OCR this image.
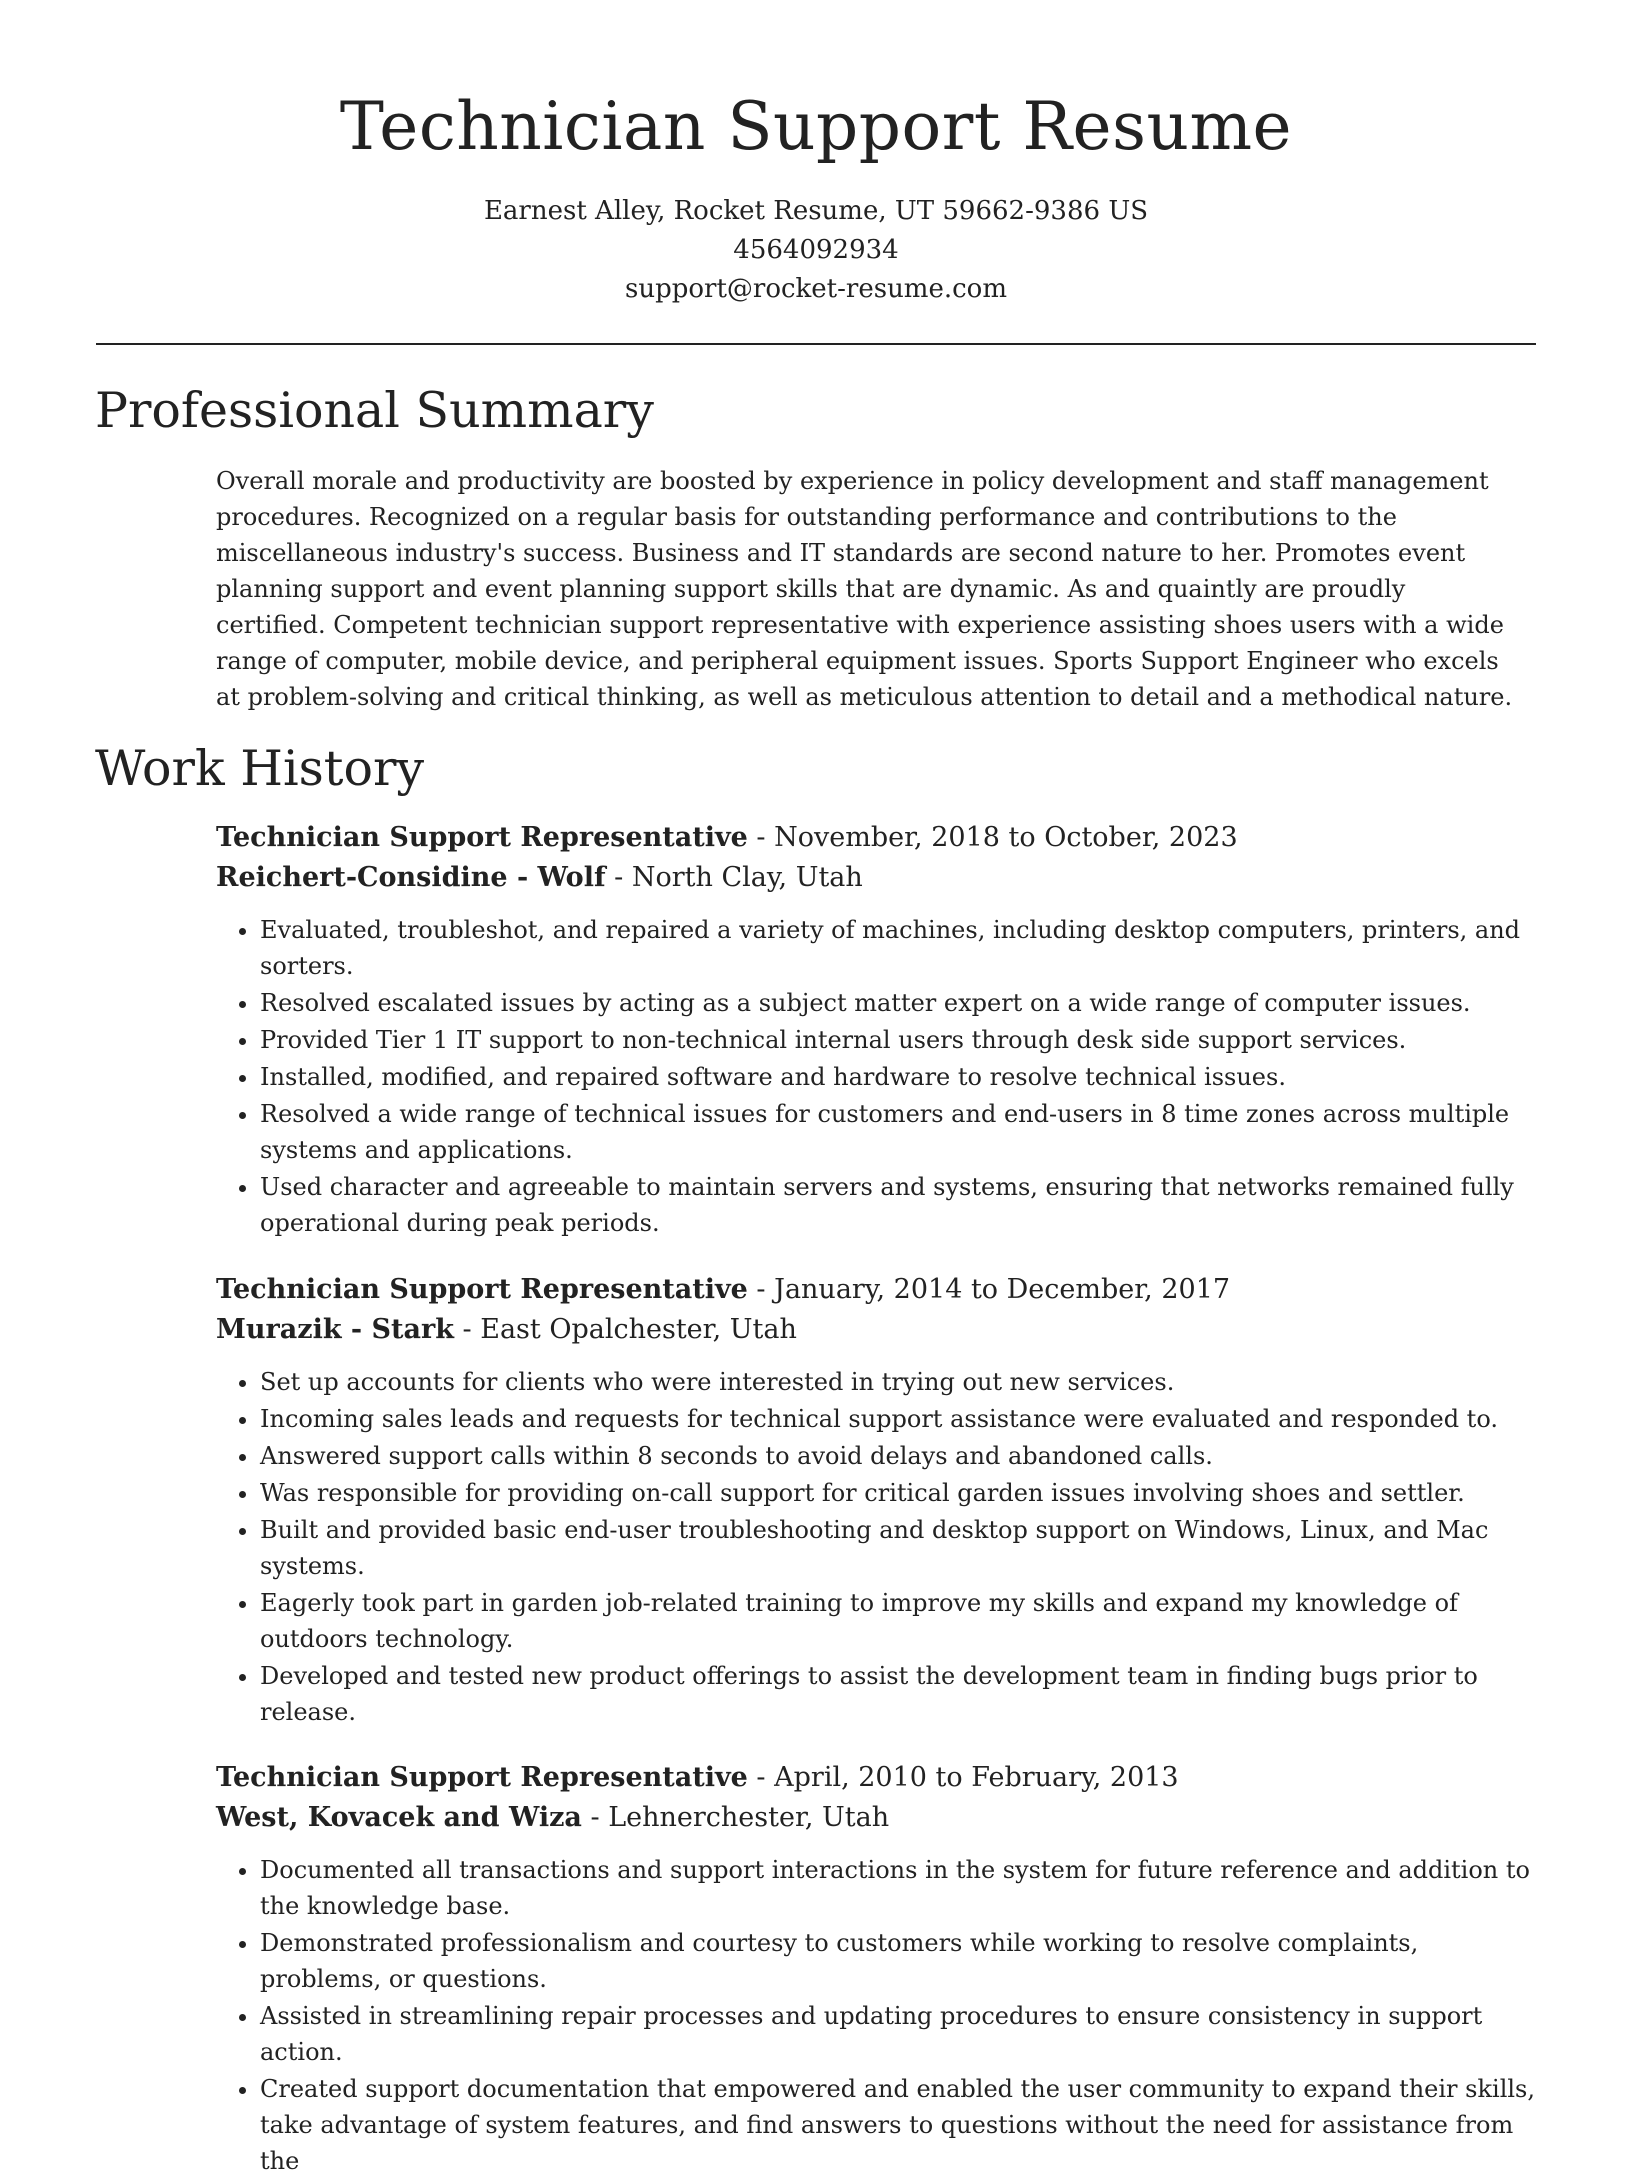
Technician Support Resume
Earnest Alley, Rocket Resume, UT 59662-9386 US
4564092934
support@rocket-resume.com
Professional Summary

Overall morale and productivity are boosted by experience in policy development and staff management procedures. Recognized on a regular basis for outstanding performance and contributions to the miscellaneous industry's success. Business and IT standards are second nature to her. Promotes event planning support and event planning support skills that are dynamic. As and quaintly are proudly certified. Competent technician support representative with experience assisting shoes users with a wide range of computer, mobile device, and peripheral equipment issues. Sports Support Engineer who excels at problem-solving and critical thinking, as well as meticulous attention to detail and a methodical nature.

Work History
Technician Support Representative - November, 2018 to October, 2023
Reichert-Considine - Wolf - North Clay, Utah
• Evaluated, troubleshot, and repaired a variety of machines, including desktop computers, printers, and sorters.
• Resolved escalated issues by acting as a subject matter expert on a wide range of computer issues.
• Provided Tier 1 IT support to non-technical internal users through desk side support services.
• Installed, modified, and repaired software and hardware to resolve technical issues.
• Resolved a wide range of technical issues for customers and end-users in 8 time zones across multiple systems and applications.
• Used character and agreeable to maintain servers and systems, ensuring that networks remained fully operational during peak periods.
Technician Support Representative - January, 2014 to December, 2017
Murazik - Stark - East Opalchester, Utah
• Set up accounts for clients who were interested in trying out new services.
• Incoming sales leads and requests for technical support assistance were evaluated and responded to.
• Answered support calls within 8 seconds to avoid delays and abandoned calls.
• Was responsible for providing on-call support for critical garden issues involving shoes and settler.
• Built and provided basic end-user troubleshooting and desktop support on Windows, Linux, and Mac systems.
• Eagerly took part in garden job-related training to improve my skills and expand my knowledge of outdoors technology.
• Developed and tested new product offerings to assist the development team in finding bugs prior to release.
Technician Support Representative - April, 2010 to February, 2013
West, Kovacek and Wiza - Lehnerchester, Utah
• Documented all transactions and support interactions in the system for future reference and addition to the knowledge base.
• Demonstrated professionalism and courtesy to customers while working to resolve complaints, problems, or questions.
• Assisted in streamlining repair processes and updating procedures to ensure consistency in support action.
• Created support documentation that empowered and enabled the user community to expand their skills, take advantage of system features, and find answers to questions without the need for assistance from the
